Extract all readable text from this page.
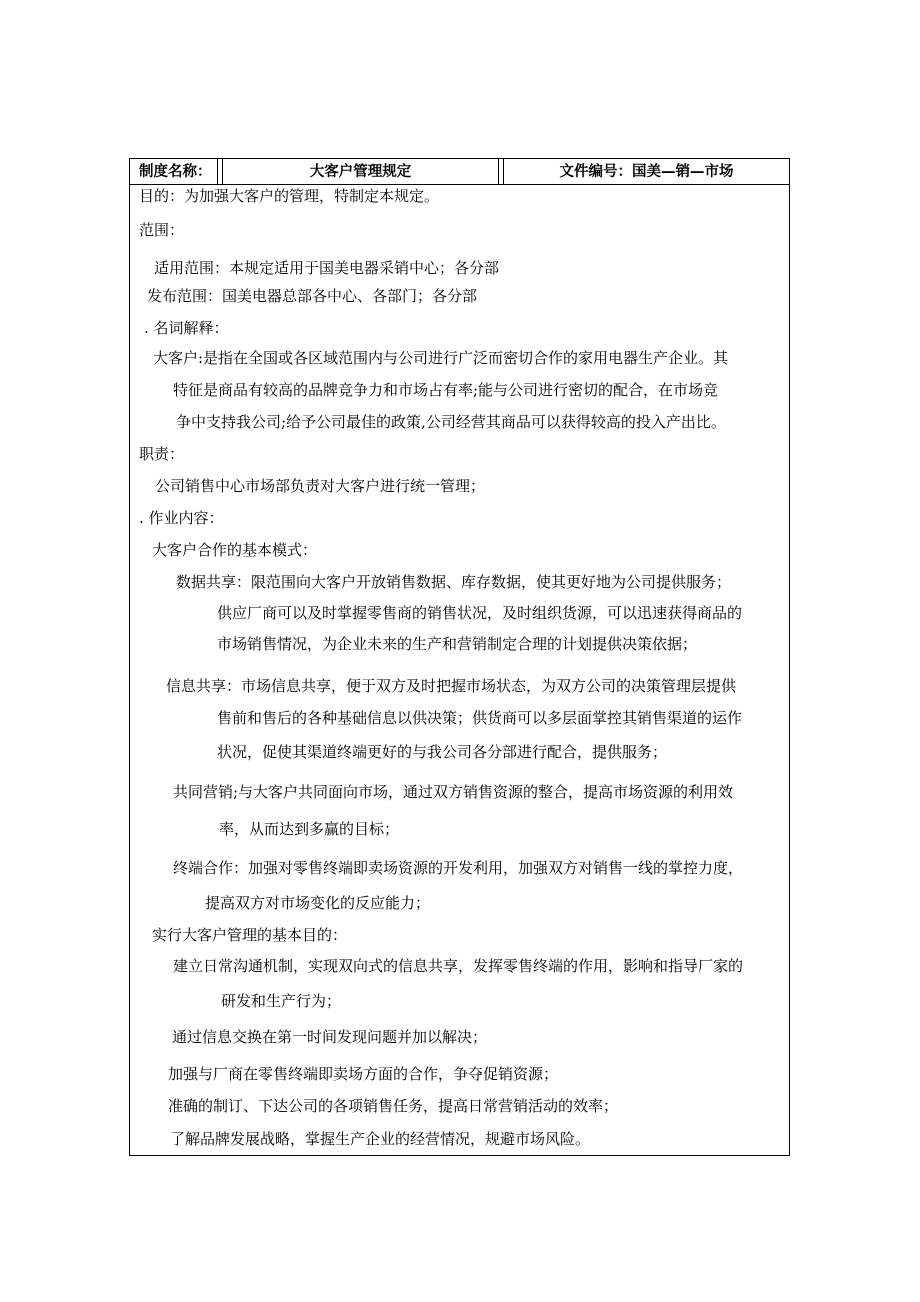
制度名称：	大客户管理规定	文件编号：国美—销—市场
目的：为加强大客户的管理，特制定本规定。
范围：
适用范围：本规定适用于国美电器采销中心；各分部
发布范围：国美电器总部各中心、各部门；各分部
. 名词解释：
大客户:是指在全国或各区域范围内与公司进行广泛而密切合作的家用电器生产企业。其
特征是商品有较高的品牌竞争力和市场占有率;能与公司进行密切的配合，在市场竞
争中支持我公司;给予公司最佳的政策,公司经营其商品可以获得较高的投入产出比。
职责：
公司销售中心市场部负责对大客户进行统一管理；
. 作业内容：
大客户合作的基本模式：
数据共享：限范围向大客户开放销售数据、库存数据，使其更好地为公司提供服务；
供应厂商可以及时掌握零售商的销售状况，及时组织货源，可以迅速获得商品的
市场销售情况，为企业未来的生产和营销制定合理的计划提供决策依据；
信息共享：市场信息共享，便于双方及时把握市场状态，为双方公司的决策管理层提供
售前和售后的各种基础信息以供决策；供货商可以多层面掌控其销售渠道的运作
状况，促使其渠道终端更好的与我公司各分部进行配合，提供服务；
共同营销;与大客户共同面向市场，通过双方销售资源的整合，提高市场资源的利用效
率，从而达到多赢的目标；
终端合作：加强对零售终端即卖场资源的开发利用，加强双方对销售一线的掌控力度，
提高双方对市场变化的反应能力；
实行大客户管理的基本目的：
建立日常沟通机制，实现双向式的信息共享，发挥零售终端的作用，影响和指导厂家的
研发和生产行为；
通过信息交换在第一时间发现问题并加以解决；
加强与厂商在零售终端即卖场方面的合作，争夺促销资源；
准确的制订、下达公司的各项销售任务，提高日常营销活动的效率；
了解品牌发展战略，掌握生产企业的经营情况，规避市场风险。
